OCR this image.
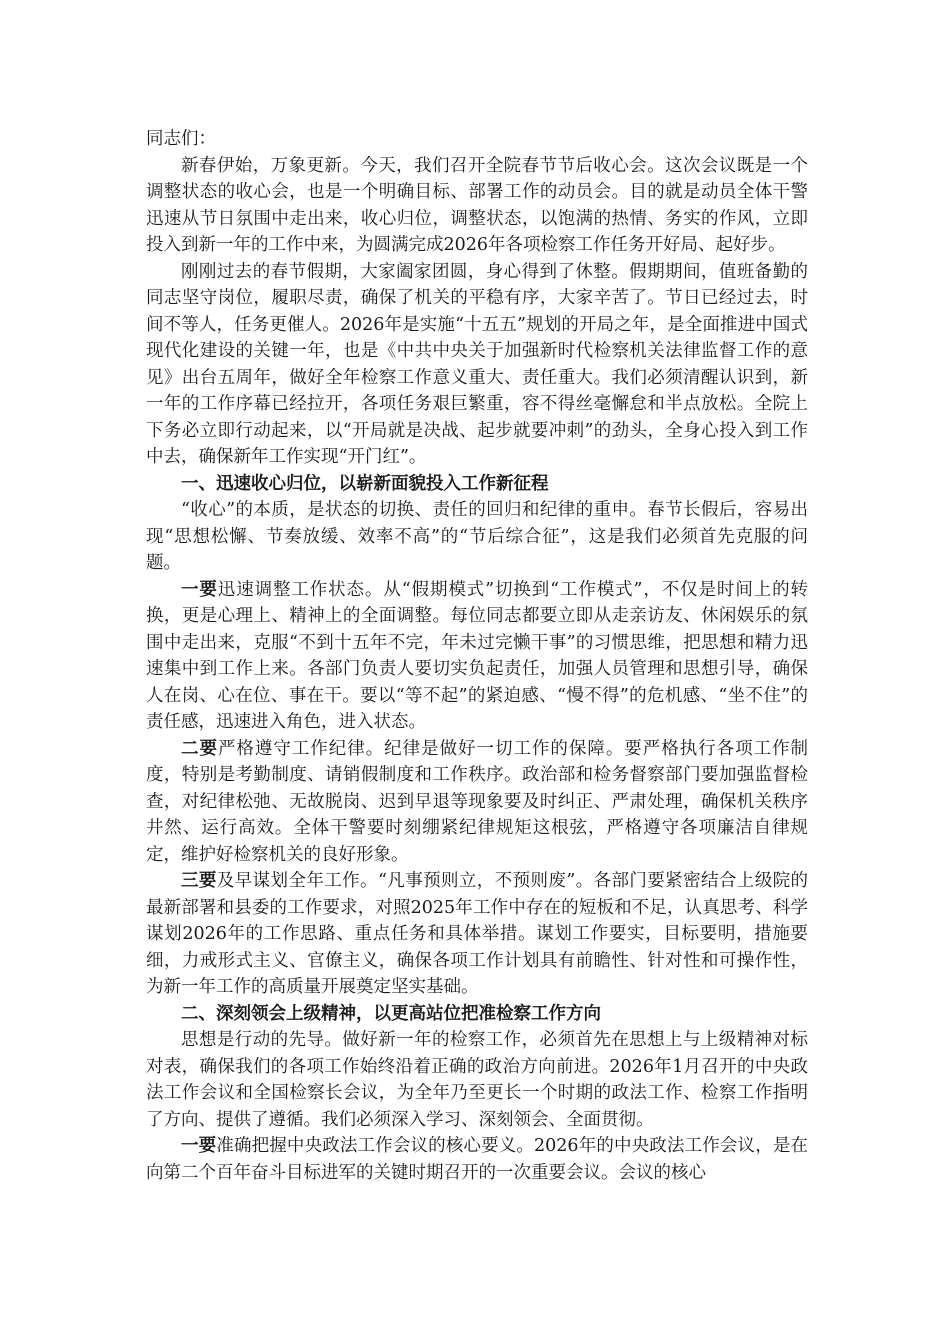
同志们：

新春伊始，万象更新。今天，我们召开全院春节节后收心会。这次会议既是一个调整状态的收心会，也是一个明确目标、部署工作的动员会。目的就是动员全体干警迅速从节日氛围中走出来，收心归位，调整状态，以饱满的热情、务实的作风，立即投入到新一年的工作中来，为圆满完成2026年各项检察工作任务开好局、起好步。

刚刚过去的春节假期，大家阖家团圆，身心得到了休整。假期期间，值班备勤的同志坚守岗位，履职尽责，确保了机关的平稳有序，大家辛苦了。节日已经过去，时间不等人，任务更催人。2026年是实施“十五五”规划的开局之年，是全面推进中国式现代化建设的关键一年，也是《中共中央关于加强新时代检察机关法律监督工作的意见》出台五周年，做好全年检察工作意义重大、责任重大。我们必须清醒认识到，新一年的工作序幕已经拉开，各项任务艰巨繁重，容不得丝毫懈怠和半点放松。全院上下务必立即行动起来，以“开局就是决战、起步就要冲刺”的劲头，全身心投入到工作中去，确保新年工作实现“开门红”。

一、迅速收心归位，以崭新面貌投入工作新征程

“收心”的本质，是状态的切换、责任的回归和纪律的重申。春节长假后，容易出现“思想松懈、节奏放缓、效率不高”的“节后综合征”，这是我们必须首先克服的问题。

一要迅速调整工作状态。从“假期模式”切换到“工作模式”，不仅是时间上的转换，更是心理上、精神上的全面调整。每位同志都要立即从走亲访友、休闲娱乐的氛围中走出来，克服“不到十五年不完，年未过完懒干事”的习惯思维，把思想和精力迅速集中到工作上来。各部门负责人要切实负起责任，加强人员管理和思想引导，确保人在岗、心在位、事在干。要以“等不起”的紧迫感、“慢不得”的危机感、“坐不住”的责任感，迅速进入角色，进入状态。

二要严格遵守工作纪律。纪律是做好一切工作的保障。要严格执行各项工作制度，特别是考勤制度、请销假制度和工作秩序。政治部和检务督察部门要加强监督检查，对纪律松弛、无故脱岗、迟到早退等现象要及时纠正、严肃处理，确保机关秩序井然、运行高效。全体干警要时刻绷紧纪律规矩这根弦，严格遵守各项廉洁自律规定，维护好检察机关的良好形象。

三要及早谋划全年工作。“凡事预则立，不预则废”。各部门要紧密结合上级院的最新部署和县委的工作要求，对照2025年工作中存在的短板和不足，认真思考、科学谋划2026年的工作思路、重点任务和具体举措。谋划工作要实，目标要明，措施要细，力戒形式主义、官僚主义，确保各项工作计划具有前瞻性、针对性和可操作性，为新一年工作的高质量开展奠定坚实基础。

二、深刻领会上级精神，以更高站位把准检察工作方向

思想是行动的先导。做好新一年的检察工作，必须首先在思想上与上级精神对标对表，确保我们的各项工作始终沿着正确的政治方向前进。2026年1月召开的中央政法工作会议和全国检察长会议，为全年乃至更长一个时期的政法工作、检察工作指明了方向、提供了遵循。我们必须深入学习、深刻领会、全面贯彻。

一要准确把握中央政法工作会议的核心要义。2026年的中央政法工作会议，是在向第二个百年奋斗目标进军的关键时期召开的一次重要会议。会议的核心
